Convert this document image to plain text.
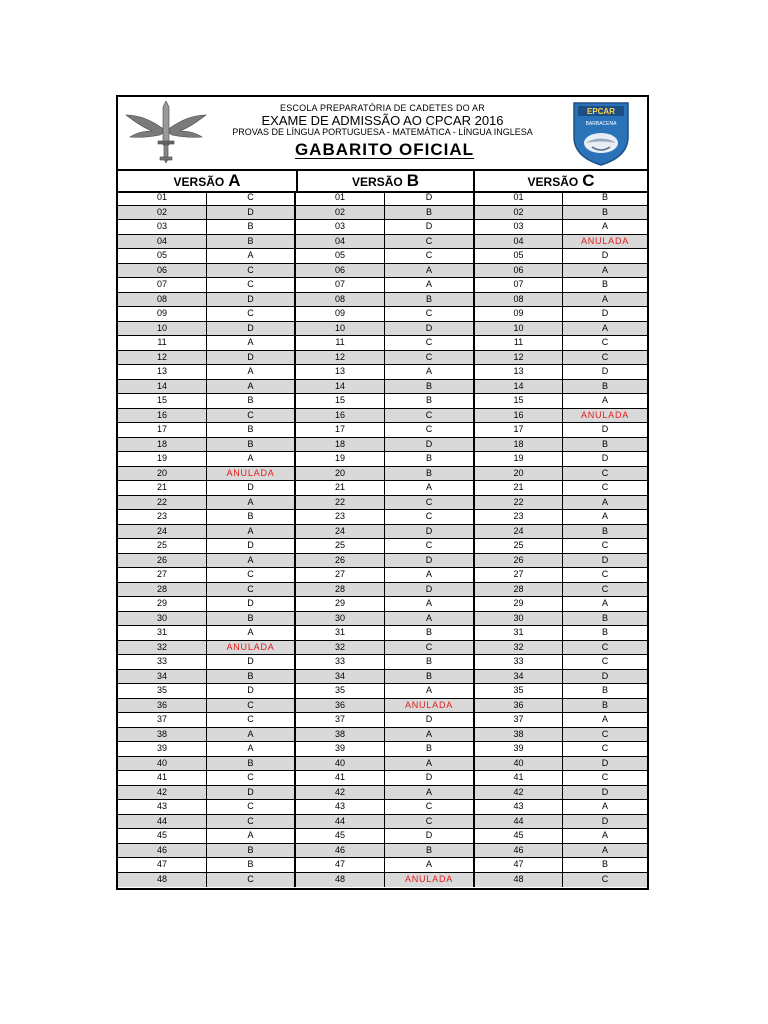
ESCOLA PREPARATÓRIA DE CADETES DO AR
EXAME DE ADMISSÃO AO CPCAR 2016
PROVAS DE LÍNGUA PORTUGUESA - MATEMÁTICA - LÍNGUA INGLESA
GABARITO OFICIAL
EPCAR
BARBACENA
VERSÃO A	VERSÃO B	VERSÃO C
01	C	01	D	01	B
02	D	02	B	02	B
03	B	03	D	03	A
04	B	04	C	04	ANULADA
05	A	05	C	05	D
06	C	06	A	06	A
07	C	07	A	07	B
08	D	08	B	08	A
09	C	09	C	09	D
10	D	10	D	10	A
11	A	11	C	11	C
12	D	12	C	12	C
13	A	13	A	13	D
14	A	14	B	14	B
15	B	15	B	15	A
16	C	16	C	16	ANULADA
17	B	17	C	17	D
18	B	18	D	18	B
19	A	19	B	19	D
20	ANULADA	20	B	20	C
21	D	21	A	21	C
22	A	22	C	22	A
23	B	23	C	23	A
24	A	24	D	24	B
25	D	25	C	25	C
26	A	26	D	26	D
27	C	27	A	27	C
28	C	28	D	28	C
29	D	29	A	29	A
30	B	30	A	30	B
31	A	31	B	31	B
32	ANULADA	32	C	32	C
33	D	33	B	33	C
34	B	34	B	34	D
35	D	35	A	35	B
36	C	36	ANULADA	36	B
37	C	37	D	37	A
38	A	38	A	38	C
39	A	39	B	39	C
40	B	40	A	40	D
41	C	41	D	41	C
42	D	42	A	42	D
43	C	43	C	43	A
44	C	44	C	44	D
45	A	45	D	45	A
46	B	46	B	46	A
47	B	47	A	47	B
48	C	48	ANULADA	48	C
